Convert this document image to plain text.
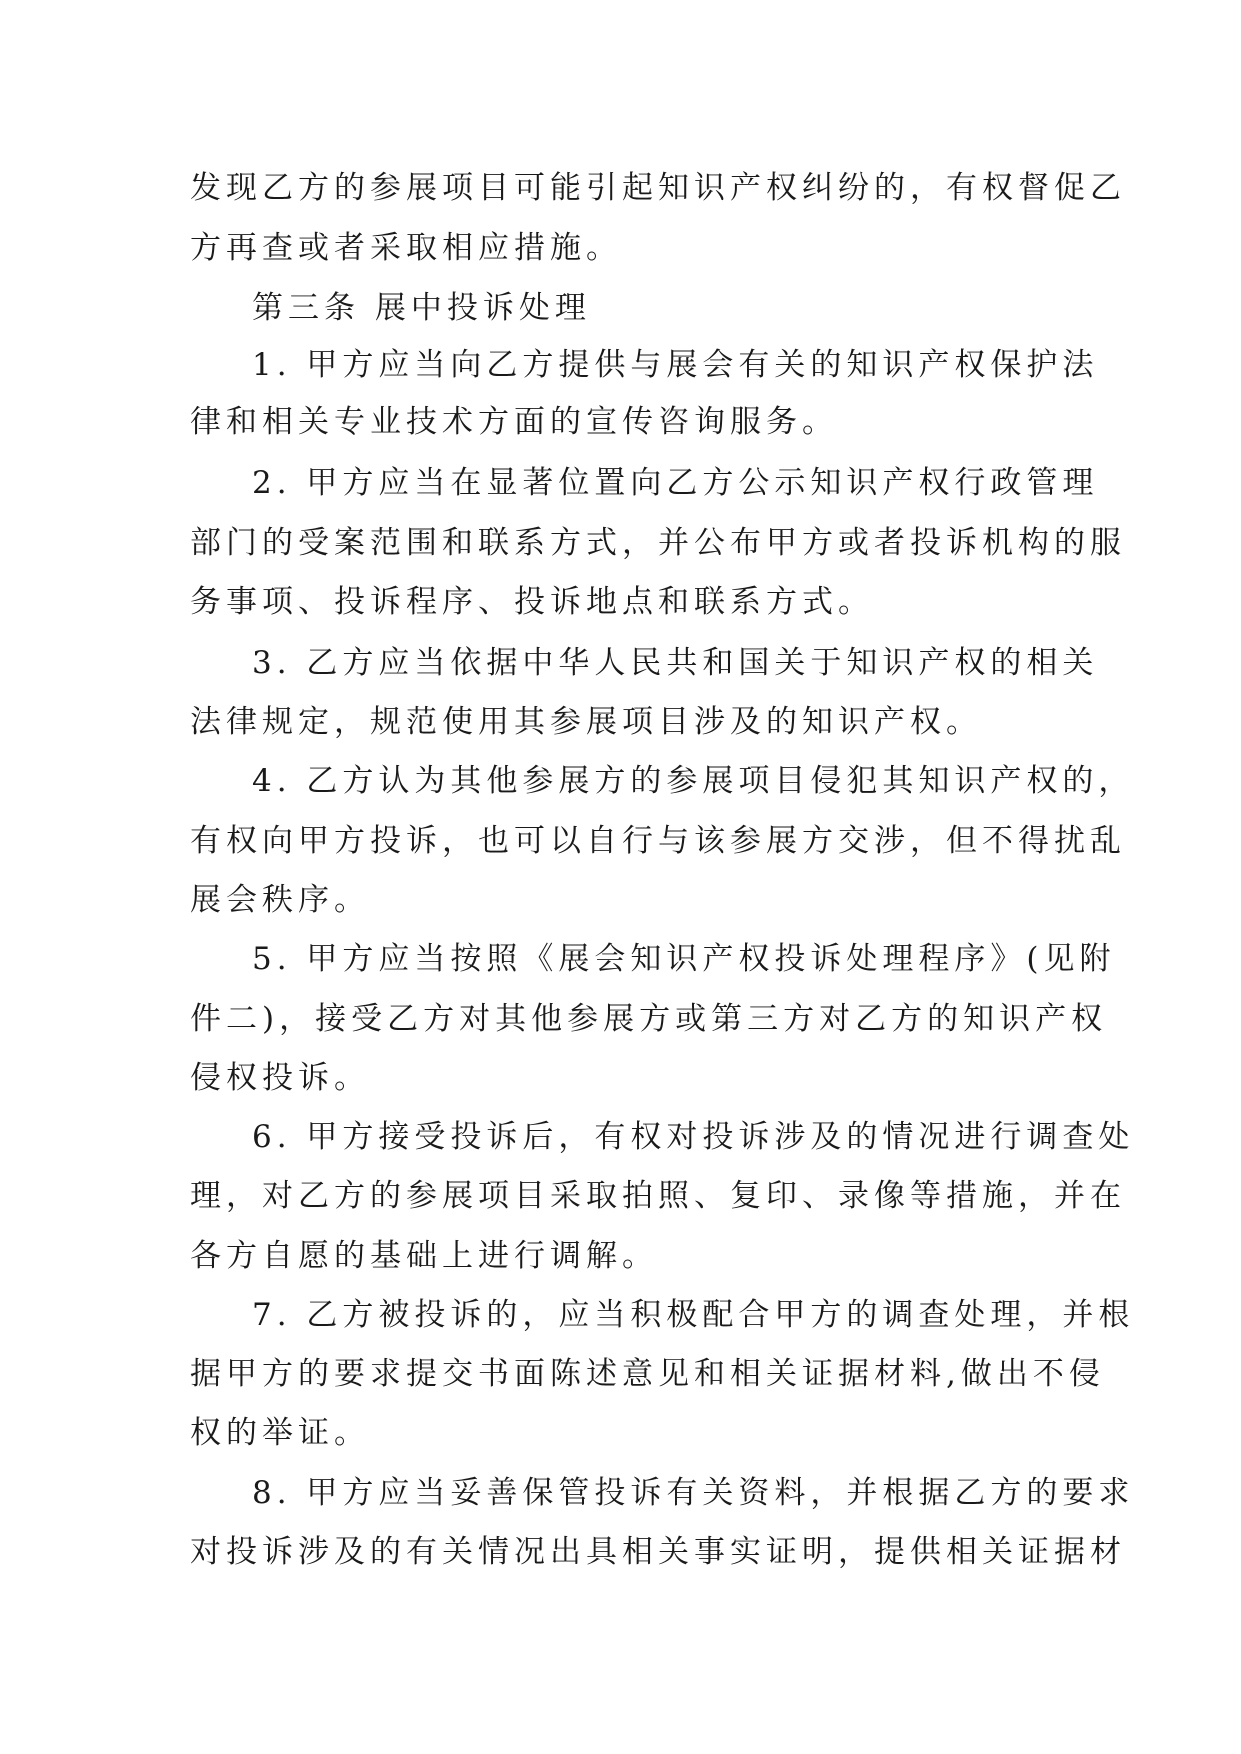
发现乙方的参展项目可能引起知识产权纠纷的，有权督促乙
方再查或者采取相应措施。
第三条 展中投诉处理
1. 甲方应当向乙方提供与展会有关的知识产权保护法
律和相关专业技术方面的宣传咨询服务。
2. 甲方应当在显著位置向乙方公示知识产权行政管理
部门的受案范围和联系方式，并公布甲方或者投诉机构的服
务事项、投诉程序、投诉地点和联系方式。
3. 乙方应当依据中华人民共和国关于知识产权的相关
法律规定，规范使用其参展项目涉及的知识产权。
4. 乙方认为其他参展方的参展项目侵犯其知识产权的，
有权向甲方投诉，也可以自行与该参展方交涉，但不得扰乱
展会秩序。
5. 甲方应当按照《展会知识产权投诉处理程序》(见附
件二)，接受乙方对其他参展方或第三方对乙方的知识产权
侵权投诉。
6. 甲方接受投诉后，有权对投诉涉及的情况进行调查处
理，对乙方的参展项目采取拍照、复印、录像等措施，并在
各方自愿的基础上进行调解。
7. 乙方被投诉的，应当积极配合甲方的调查处理，并根
据甲方的要求提交书面陈述意见和相关证据材料,做出不侵
权的举证。
8. 甲方应当妥善保管投诉有关资料，并根据乙方的要求
对投诉涉及的有关情况出具相关事实证明，提供相关证据材
